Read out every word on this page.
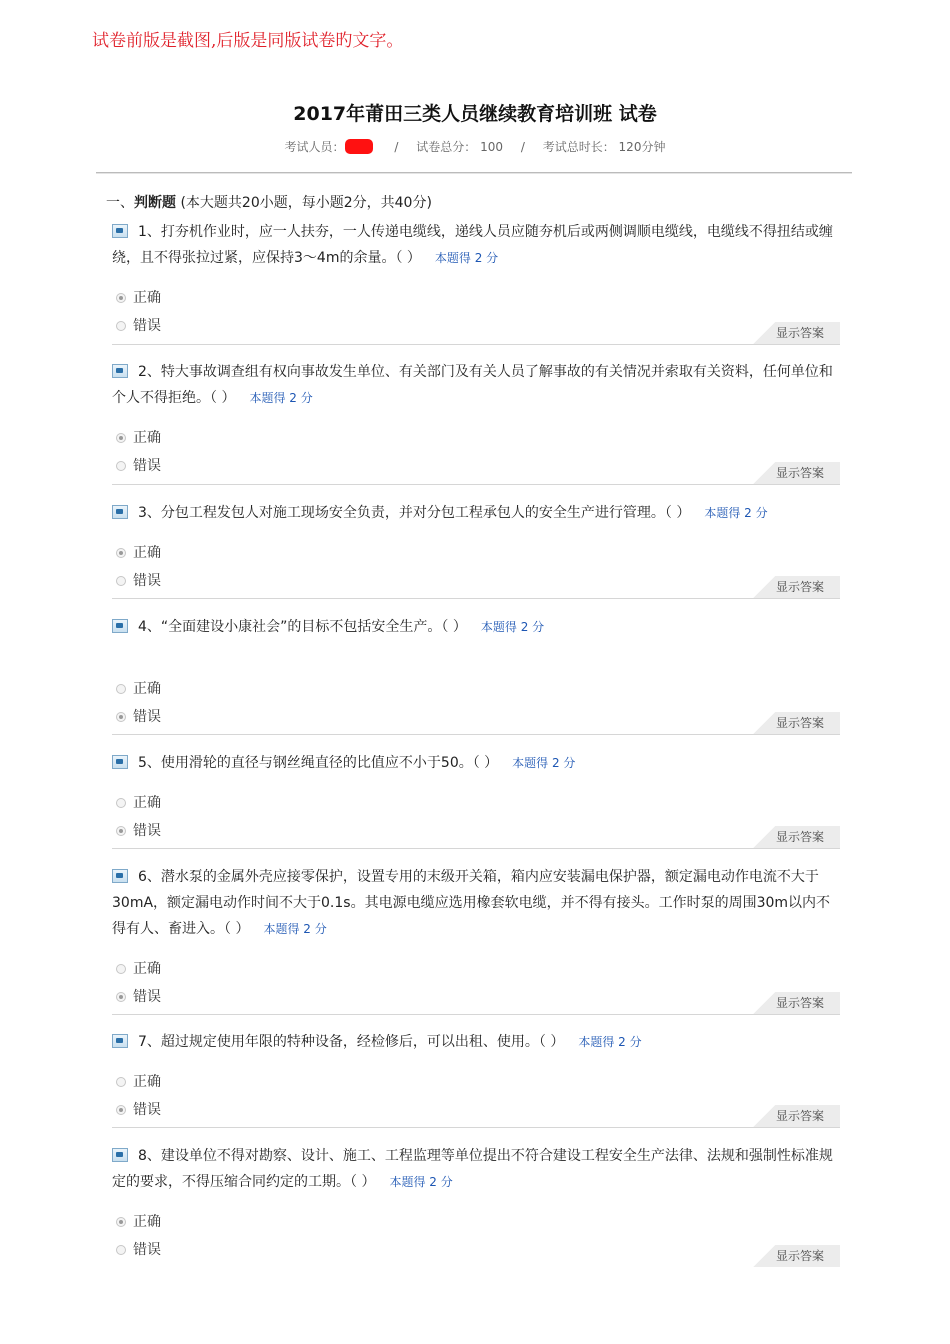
试卷前版是截图,后版是同版试卷旳文字。
2017年莆田三类人员继续教育培训班 试卷
考试人员：	/ 试卷总分： 100 / 考试总时长： 120分钟
一、判断题 (本大题共20小题，每小题2分，共40分)

1、打夯机作业时，应一人扶夯，一人传递电缆线，递线人员应随夯机后或两侧调顺电缆线，电缆线不得扭结或缠绕，且不得张拉过紧，应保持3～4m的余量。（ ） 本题得 2 分

正确
错误	显示答案

2、特大事故调查组有权向事故发生单位、有关部门及有关人员了解事故的有关情况并索取有关资料，任何单位和个人不得拒绝。（ ） 本题得 2 分

正确
错误	显示答案

3、分包工程发包人对施工现场安全负责，并对分包工程承包人的安全生产进行管理。（ ） 本题得 2 分

正确
错误	显示答案

4、“全面建设小康社会”的目标不包括安全生产。（ ） 本题得 2 分

正确
错误	显示答案

5、使用滑轮的直径与钢丝绳直径的比值应不小于50。（ ） 本题得 2 分

正确
错误	显示答案

6、潜水泵的金属外壳应接零保护，设置专用的末级开关箱，箱内应安装漏电保护器，额定漏电动作电流不大于30mA，额定漏电动作时间不大于0.1s。其电源电缆应选用橡套软电缆，并不得有接头。工作时泵的周围30m以内不得有人、畜进入。（ ） 本题得 2 分

正确
错误	显示答案

7、超过规定使用年限的特种设备，经检修后，可以出租、使用。（ ） 本题得 2 分

正确
错误	显示答案

8、建设单位不得对勘察、设计、施工、工程监理等单位提出不符合建设工程安全生产法律、法规和强制性标准规定的要求，不得压缩合同约定的工期。（ ） 本题得 2 分

正确
错误	显示答案
